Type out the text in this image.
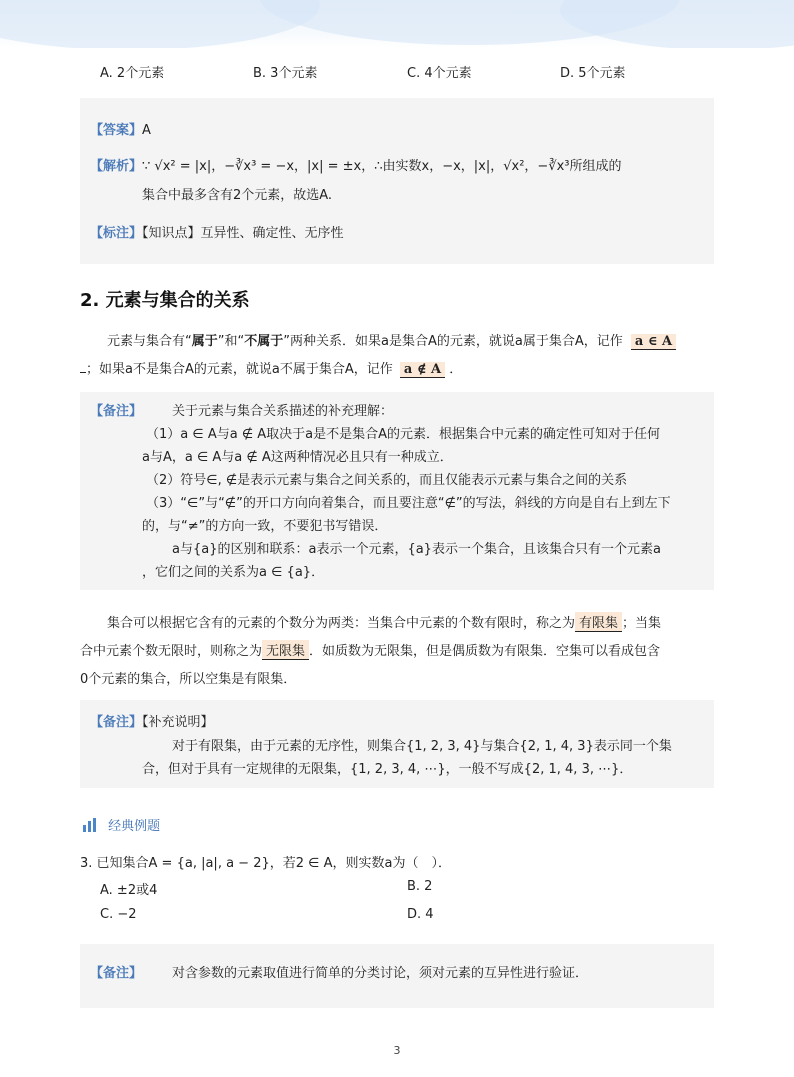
A. 2个元素	B. 3个元素	C. 4个元素	D. 5个元素
【答案】A
【解析】∵ √x² = |x|，−∛x³ = −x，|x| = ±x，∴由实数x，−x，|x|，√x²，−∛x³所组成的
集合中最多含有2个元素，故选A.
【标注】【知识点】互异性、确定性、无序性
2. 元素与集合的关系
元素与集合有“属于”和“不属于”两种关系．如果a是集合A的元素，就说a属于集合A，记作 a ∈ A
；如果a不是集合A的元素，就说a不属于集合A，记作 a ∉ A ．
【备注】 关于元素与集合关系描述的补充理解：
（1）a ∈ A与a ∉ A取决于a是不是集合A的元素．根据集合中元素的确定性可知对于任何
a与A，a ∈ A与a ∉ A这两种情况必且只有一种成立．
（2）符号∈, ∉是表示元素与集合之间关系的，而且仅能表示元素与集合之间的关系
（3）“∈”与“∉”的开口方向向着集合，而且要注意“∉”的写法，斜线的方向是自右上到左下
的，与“≠”的方向一致，不要犯书写错误．
a与{a}的区别和联系：a表示一个元素，{a}表示一个集合，且该集合只有一个元素a
，它们之间的关系为a ∈ {a}．
集合可以根据它含有的元素的个数分为两类：当集合中元素的个数有限时，称之为 有限集 ；当集
合中元素个数无限时，则称之为 无限集 ．如质数为无限集，但是偶质数为有限集．空集可以看成包含
0个元素的集合，所以空集是有限集．
【备注】【补充说明】
对于有限集，由于元素的无序性，则集合{1, 2, 3, 4}与集合{2, 1, 4, 3}表示同一个集
合，但对于具有一定规律的无限集，{1, 2, 3, 4, ⋯}，一般不写成{2, 1, 4, 3, ⋯}．
经典例题
3. 已知集合A = {a, |a|, a − 2}，若2 ∈ A，则实数a为（　）．
A. ±2或4	B. 2
C. −2	D. 4
【备注】 对含参数的元素取值进行简单的分类讨论，须对元素的互异性进行验证．
3
